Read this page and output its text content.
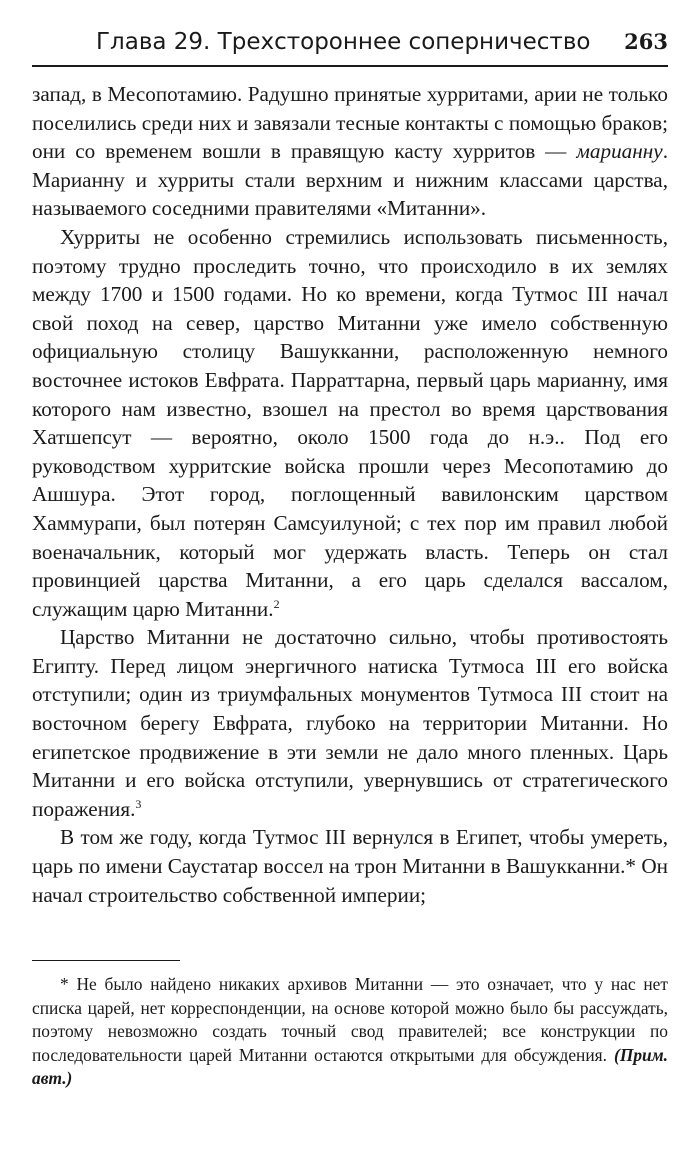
Глава 29. Трехстороннее соперничество 263

запад, в Месопотамию. Радушно принятые хурритами, арии не только поселились среди них и завязали тесные контакты с помощью браков; они со временем вошли в правящую касту хурритов — марианну. Марианну и хурриты стали верхним и нижним классами царства, называемого соседними правителями «Митанни».

Хурриты не особенно стремились использовать письменность, поэтому трудно проследить точно, что происходило в их землях между 1700 и 1500 годами. Но ко времени, когда Тутмос III начал свой поход на север, царство Митанни уже имело собственную официальную столицу Вашукканни, расположенную немного восточнее истоков Евфрата. Парраттарна, первый царь марианну, имя которого нам известно, взошел на престол во время царствования Хатшепсут — вероятно, около 1500 года до н.э.. Под его руководством хурритские войска прошли через Месопотамию до Ашшура. Этот город, поглощенный вавилонским царством Хаммурапи, был потерян Самсуилуной; с тех пор им правил любой военачальник, который мог удержать власть. Теперь он стал провинцией царства Митанни, а его царь сделался вассалом, служащим царю Митанни.$^2$

Царство Митанни не достаточно сильно, чтобы противостоять Египту. Перед лицом энергичного натиска Тутмоса III его войска отступили; один из триумфальных монументов Тутмоса III стоит на восточном берегу Евфрата, глубоко на территории Митанни. Но египетское продвижение в эти земли не дало много пленных. Царь Митанни и его войска отступили, увернувшись от стратегического поражения.$^3$

В том же году, когда Тутмос III вернулся в Египет, чтобы умереть, царь по имени Саустатар воссел на трон Митанни в Вашукканни.* Он начал строительство собственной империи;

* Не было найдено никаких архивов Митанни — это означает, что у нас нет списка царей, нет корреспонденции, на основе которой можно было бы рассуждать, поэтому невозможно создать точный свод правителей; все конструкции по последовательности царей Митанни остаются открытыми для обсуждения. (Прим. авт.)
